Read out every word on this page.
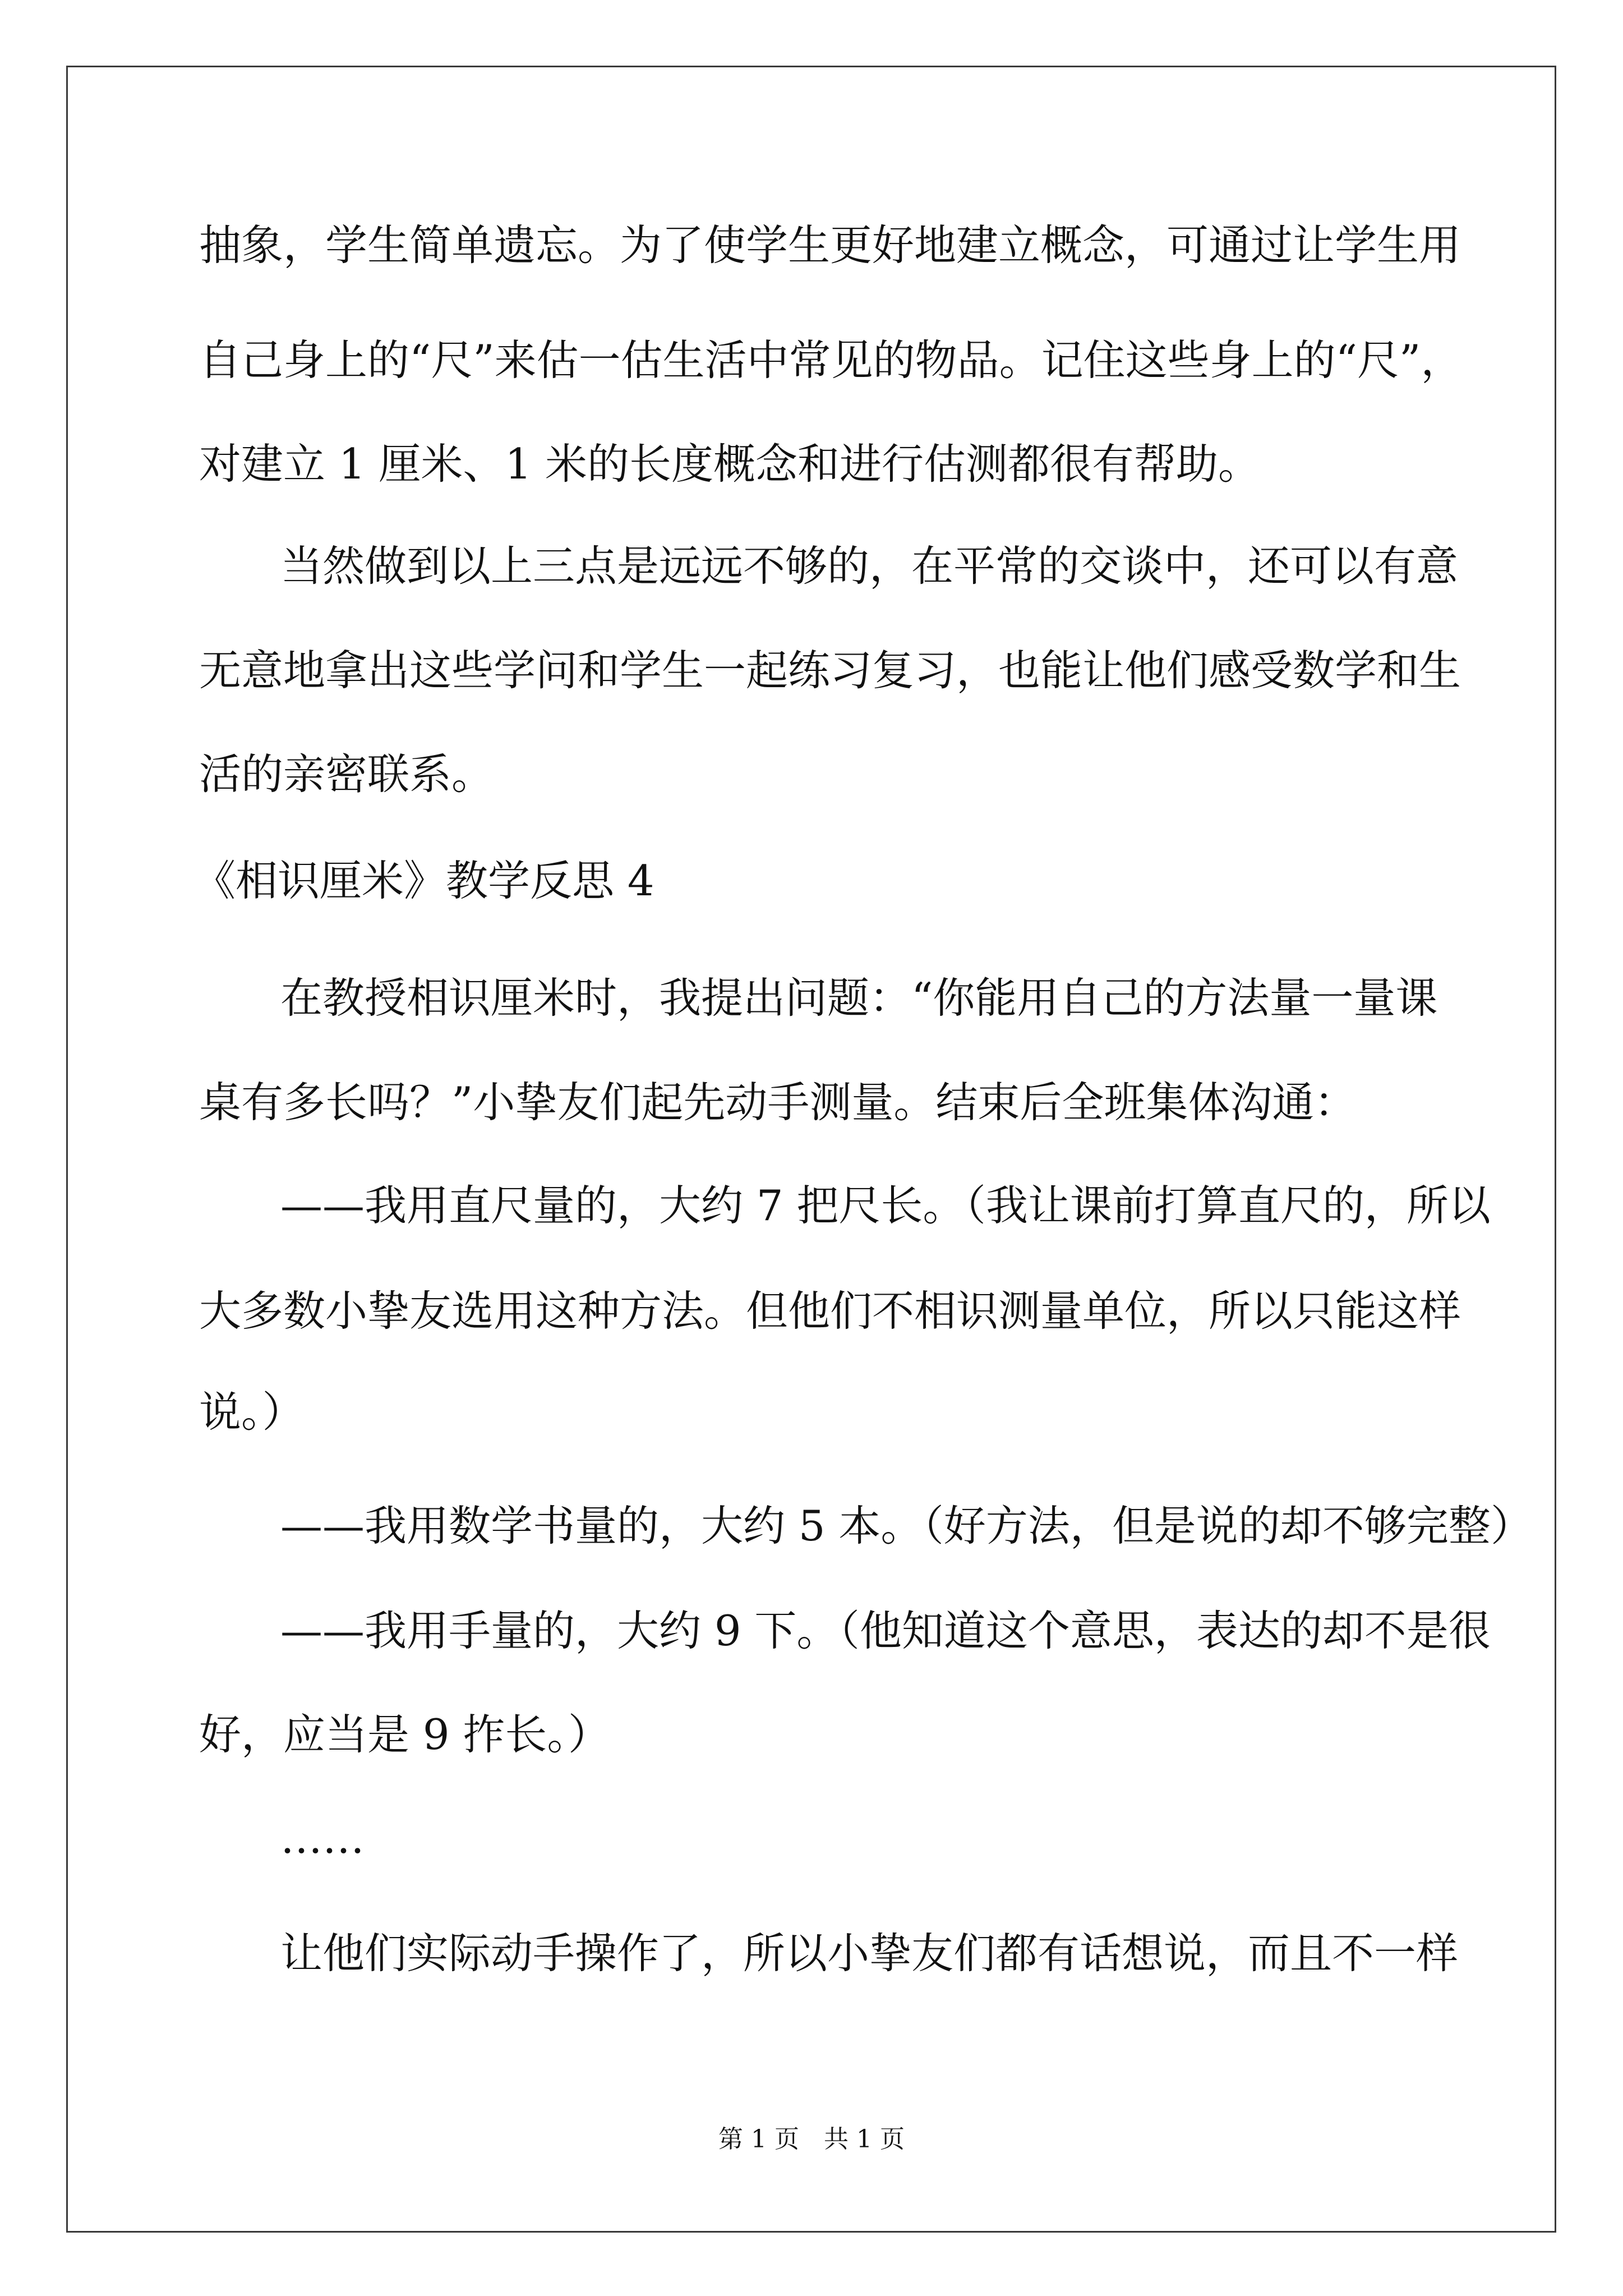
抽象，学生简单遗忘。为了使学生更好地建立概念，可通过让学生用

自己身上的“尺”来估一估生活中常见的物品。记住这些身上的“尺”，

对建立 1 厘米、1 米的长度概念和进行估测都很有帮助。

当然做到以上三点是远远不够的，在平常的交谈中，还可以有意

无意地拿出这些学问和学生一起练习复习，也能让他们感受数学和生

活的亲密联系。

《相识厘米》教学反思 4

在教授相识厘米时，我提出问题：“你能用自己的方法量一量课

桌有多长吗？”小挚友们起先动手测量。结束后全班集体沟通：

——我用直尺量的，大约 7 把尺长。（我让课前打算直尺的，所以

大多数小挚友选用这种方法。但他们不相识测量单位，所以只能这样

说。）

——我用数学书量的，大约 5 本。（好方法，但是说的却不够完整）

——我用手量的，大约 9 下。（他知道这个意思，表达的却不是很

好，应当是 9 拃长。）

……

让他们实际动手操作了，所以小挚友们都有话想说，而且不一样

第 1 页　共 1 页
